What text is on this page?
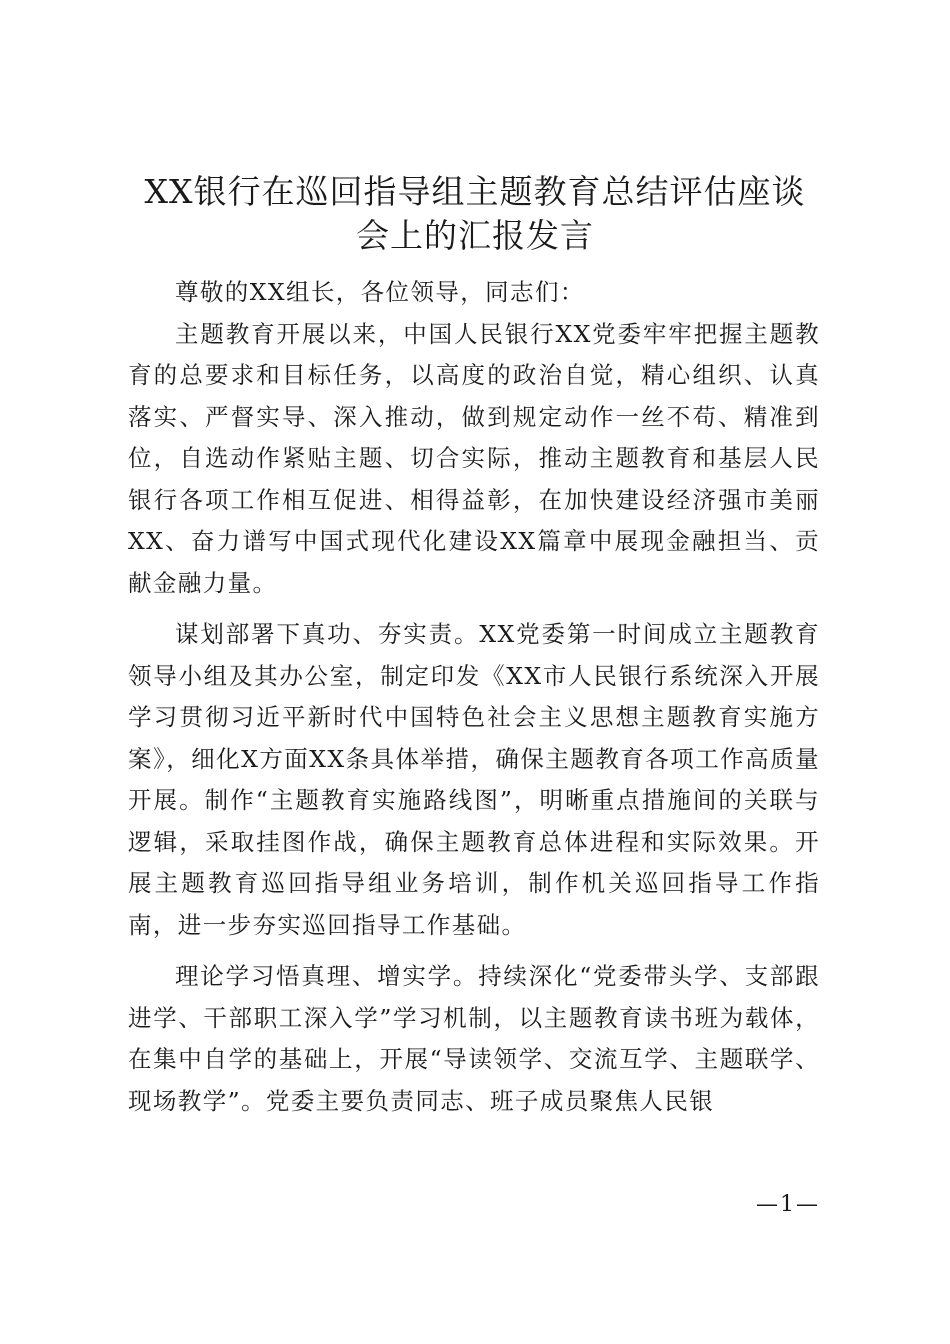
XX银行在巡回指导组主题教育总结评估座谈
会上的汇报发言

尊敬的XX组长，各位领导，同志们：

主题教育开展以来，中国人民银行XX党委牢牢把握主题教育的总要求和目标任务，以高度的政治自觉，精心组织、认真落实、严督实导、深入推动，做到规定动作一丝不苟、精准到位，自选动作紧贴主题、切合实际，推动主题教育和基层人民银行各项工作相互促进、相得益彰，在加快建设经济强市美丽XX、奋力谱写中国式现代化建设XX篇章中展现金融担当、贡献金融力量。

谋划部署下真功、夯实责。XX党委第一时间成立主题教育领导小组及其办公室，制定印发《XX市人民银行系统深入开展学习贯彻习近平新时代中国特色社会主义思想主题教育实施方案》，细化X方面XX条具体举措，确保主题教育各项工作高质量开展。制作“主题教育实施路线图”，明晰重点措施间的关联与逻辑，采取挂图作战，确保主题教育总体进程和实际效果。开展主题教育巡回指导组业务培训，制作机关巡回指导工作指南，进一步夯实巡回指导工作基础。

理论学习悟真理、增实学。持续深化“党委带头学、支部跟进学、干部职工深入学”学习机制，以主题教育读书班为载体，在集中自学的基础上，开展“导读领学、交流互学、主题联学、现场教学”。党委主要负责同志、班子成员聚焦人民银

—1—
